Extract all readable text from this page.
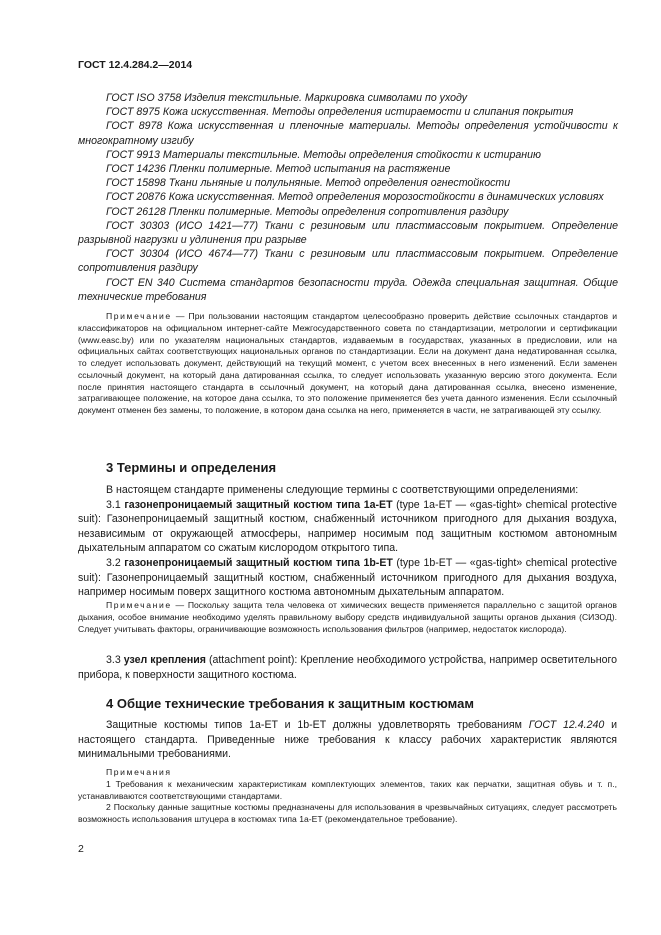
ГОСТ 12.4.284.2—2014

ГОСТ ISO 3758 Изделия текстильные. Маркировка символами по уходу

ГОСТ 8975 Кожа искусственная. Методы определения истираемости и слипания покрытия

ГОСТ 8978 Кожа искусственная и пленочные материалы. Методы определения устойчивости к многократному изгибу

ГОСТ 9913 Материалы текстильные. Методы определения стойкости к истиранию

ГОСТ 14236 Пленки полимерные. Метод испытания на растяжение

ГОСТ 15898 Ткани льняные и полульняные. Метод определения огнестойкости

ГОСТ 20876 Кожа искусственная. Метод определения морозостойкости в динамических условиях

ГОСТ 26128 Пленки полимерные. Методы определения сопротивления раздиру

ГОСТ 30303 (ИСО 1421—77) Ткани с резиновым или пластмассовым покрытием. Определение разрывной нагрузки и удлинения при разрыве

ГОСТ 30304 (ИСО 4674—77) Ткани с резиновым или пластмассовым покрытием. Определение сопротивления раздиру

ГОСТ EN 340 Система стандартов безопасности труда. Одежда специальная защитная. Общие технические требования

Примечание — При пользовании настоящим стандартом целесообразно проверить действие ссылочных стандартов и классификаторов на официальном интернет-сайте Межгосударственного совета по стандартизации, метрологии и сертификации (www.easc.by) или по указателям национальных стандартов, издаваемым в государствах, указанных в предисловии, или на официальных сайтах соответствующих национальных органов по стандартизации. Если на документ дана недатированная ссылка, то следует использовать документ, действующий на текущий момент, с учетом всех внесенных в него изменений. Если заменен ссылочный документ, на который дана датированная ссылка, то следует использовать указанную версию этого документа. Если после принятия настоящего стандарта в ссылочный документ, на который дана датированная ссылка, внесено изменение, затрагивающее положение, на которое дана ссылка, то это положение применяется без учета данного изменения. Если ссылочный документ отменен без замены, то положение, в котором дана ссылка на него, применяется в части, не затрагивающей эту ссылку.

3 Термины и определения

В настоящем стандарте применены следующие термины с соответствующими определениями:

3.1 газонепроницаемый защитный костюм типа 1a-ET (type 1a-ET — «gas-tight» chemical protective suit): Газонепроницаемый защитный костюм, снабженный источником пригодного для дыхания воздуха, независимым от окружающей атмосферы, например носимым под защитным костюмом автономным дыхательным аппаратом со сжатым кислородом открытого типа.

3.2 газонепроницаемый защитный костюм типа 1b-ET (type 1b-ET — «gas-tight» chemical protective suit): Газонепроницаемый защитный костюм, снабженный источником пригодного для дыхания воздуха, например носимым поверх защитного костюма автономным дыхательным аппаратом.

Примечание — Поскольку защита тела человека от химических веществ применяется параллельно с защитой органов дыхания, особое внимание необходимо уделять правильному выбору средств индивидуальной защиты органов дыхания (СИЗОД). Следует учитывать факторы, ограничивающие возможность использования фильтров (например, недостаток кислорода).

3.3 узел крепления (attachment point): Крепление необходимого устройства, например осветительного прибора, к поверхности защитного костюма.

4 Общие технические требования к защитным костюмам

Защитные костюмы типов 1a-ET и 1b-ET должны удовлетворять требованиям ГОСТ 12.4.240 и настоящего стандарта. Приведенные ниже требования к классу рабочих характеристик являются минимальными требованиями.

Примечания

1 Требования к механическим характеристикам комплектующих элементов, таких как перчатки, защитная обувь и т. п., устанавливаются соответствующими стандартами.

2 Поскольку данные защитные костюмы предназначены для использования в чрезвычайных ситуациях, следует рассмотреть возможность использования штуцера в костюмах типа 1a-ET (рекомендательное требование).

2
